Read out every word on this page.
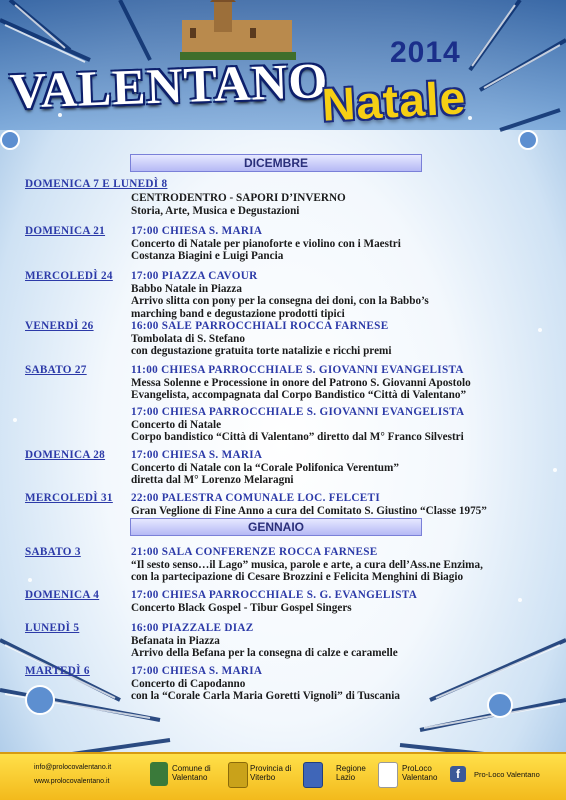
2014
VALENTANO
Natale
DICEMBRE
DOMENICA 7 E LUNEDÌ 8
CENTRODENTRO - SAPORI D’INVERNO
Storia, Arte, Musica e Degustazioni
DOMENICA 21 17:00 CHIESA S. MARIA
Concerto di Natale per pianoforte e violino con i Maestri
Costanza Biagini e Luigi Pancia
MERCOLEDÌ 24 17:00 PIAZZA CAVOUR
Babbo Natale in Piazza
Arrivo slitta con pony per la consegna dei doni, con la Babbo’s
marching band e degustazione prodotti tipici
VENERDÌ 26	16:00 SALE PARROCCHIALI ROCCA FARNESE
Tombolata di S. Stefano
con degustazione gratuita torte natalizie e ricchi premi
SABATO 27	11:00 CHIESA PARROCCHIALE S. GIOVANNI EVANGELISTA
Messa Solenne e Processione in onore del Patrono S. Giovanni Apostolo
Evangelista, accompagnata dal Corpo Bandistico “Città di Valentano”
17:00 CHIESA PARROCCHIALE S. GIOVANNI EVANGELISTA
Concerto di Natale
Corpo bandistico “Città di Valentano” diretto dal M° Franco Silvestri
DOMENICA 28 17:00 CHIESA S. MARIA
Concerto di Natale con la “Corale Polifonica Verentum”
diretta dal M° Lorenzo Melaragni
MERCOLEDÌ 31 22:00 PALESTRA COMUNALE LOC. FELCETI
Gran Veglione di Fine Anno a cura del Comitato S. Giustino “Classe 1975”
GENNAIO
SABATO 3	21:00 SALA CONFERENZE ROCCA FARNESE
“Il sesto senso…il Lago” musica, parole e arte, a cura dell’Ass.ne Enzima,
con la partecipazione di Cesare Brozzini e Felicita Menghini di Biagio
DOMENICA 4	17:00 CHIESA PARROCCHIALE S. G. EVANGELISTA
Concerto Black Gospel - Tibur Gospel Singers
LUNEDÌ 5	16:00 PIAZZALE DIAZ
Befanata in Piazza
Arrivo della Befana per la consegna di calze e caramelle
MARTEDÌ 6	17:00 CHIESA S. MARIA
Concerto di Capodanno
con la “Corale Carla Maria Goretti Vignoli” di Tuscania
info@prolocovalentano.it
www.prolocovalentano.it
Comune di
Valentano
Provincia di
Viterbo
Regione
Lazio
ProLoco
Valentano	f	Pro-Loco Valentano
